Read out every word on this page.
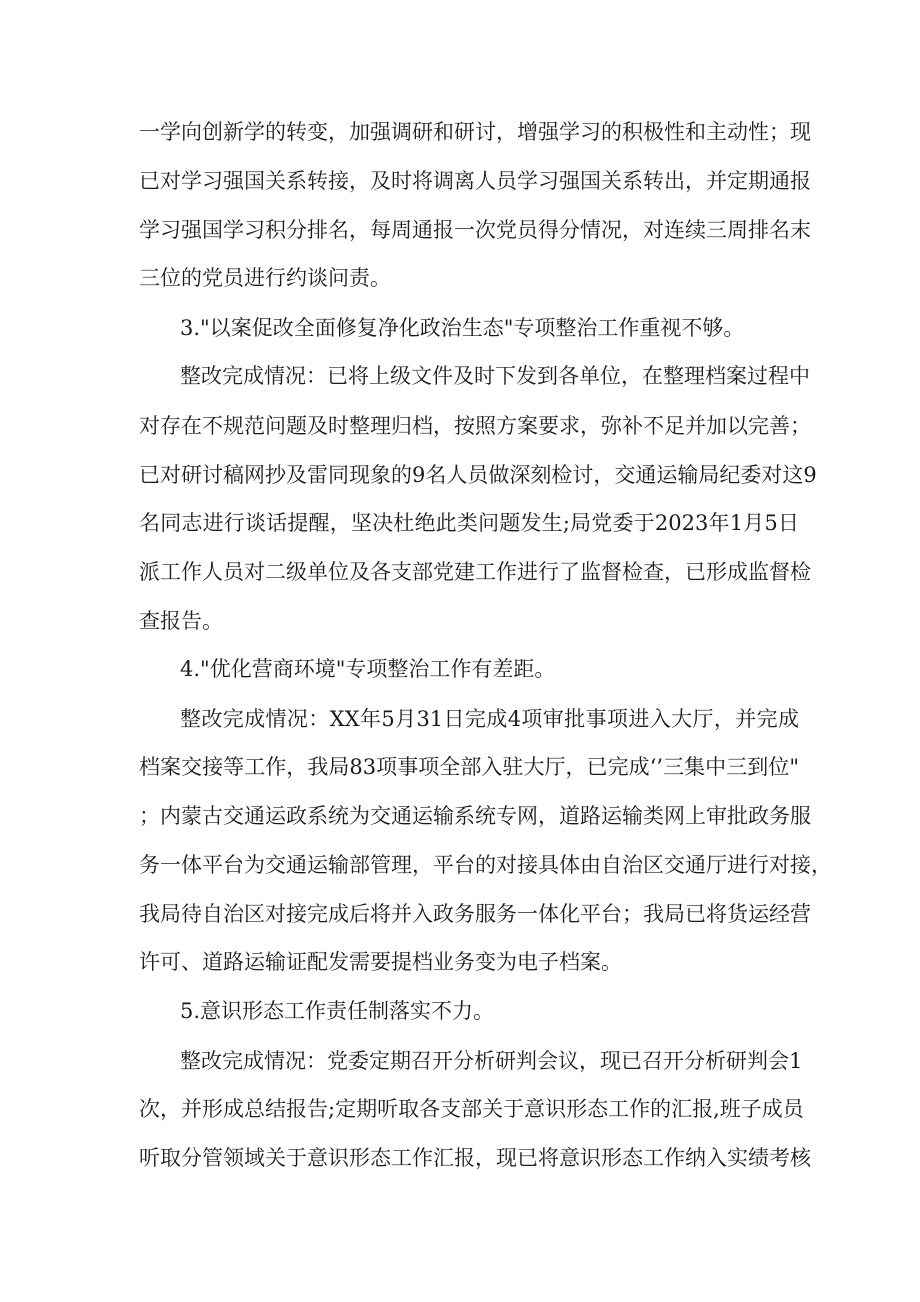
一学向创新学的转变，加强调研和研讨，增强学习的积极性和主动性；现
已对学习强国关系转接，及时将调离人员学习强国关系转出，并定期通报
学习强国学习积分排名，每周通报一次党员得分情况，对连续三周排名末
三位的党员进行约谈问责。
3."以案促改全面修复净化政治生态"专项整治工作重视不够。
整改完成情况：已将上级文件及时下发到各单位，在整理档案过程中
对存在不规范问题及时整理归档，按照方案要求，弥补不足并加以完善；
已对研讨稿网抄及雷同现象的9名人员做深刻检讨，交通运输局纪委对这9
名同志进行谈话提醒，坚决杜绝此类问题发生;局党委于2023年1月5日
派工作人员对二级单位及各支部党建工作进行了监督检查，已形成监督检
查报告。
4."优化营商环境"专项整治工作有差距。
整改完成情况：XX年5月31日完成4项审批事项进入大厅，并完成
档案交接等工作，我局83项事项全部入驻大厅，已完成‘’三集中三到位"
；内蒙古交通运政系统为交通运输系统专网，道路运输类网上审批政务服
务一体平台为交通运输部管理，平台的对接具体由自治区交通厅进行对接，
我局待自治区对接完成后将并入政务服务一体化平台；我局已将货运经营
许可、道路运输证配发需要提档业务变为电子档案。
5.意识形态工作责任制落实不力。
整改完成情况：党委定期召开分析研判会议，现已召开分析研判会1
次，并形成总结报告;定期听取各支部关于意识形态工作的汇报,班子成员
听取分管领域关于意识形态工作汇报，现已将意识形态工作纳入实绩考核
